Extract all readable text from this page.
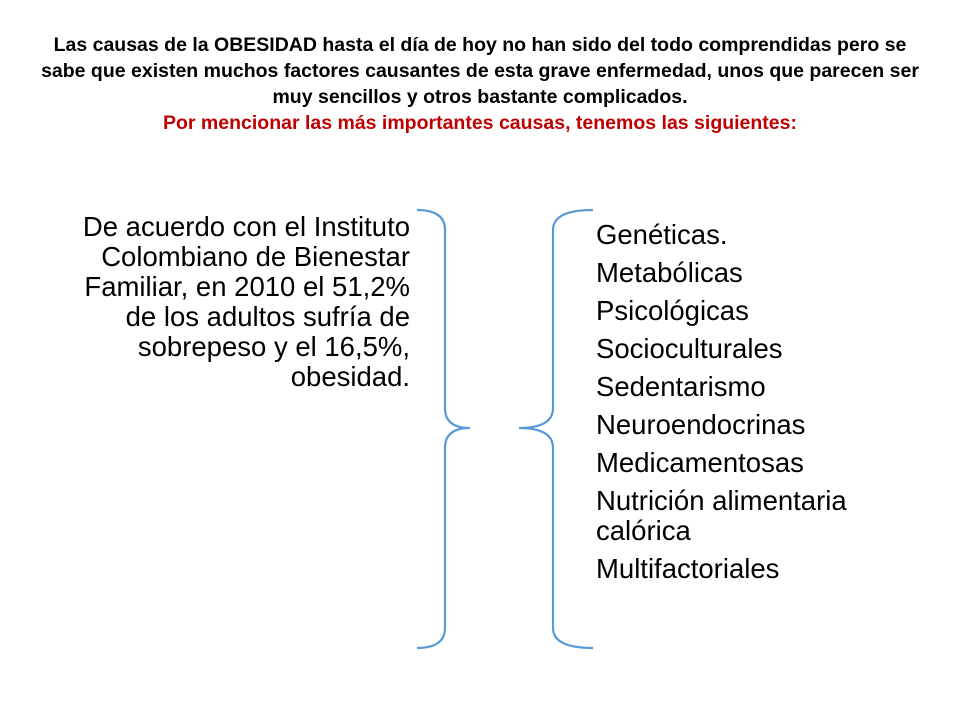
Las causas de la OBESIDAD hasta el día de hoy no han sido del todo comprendidas pero se sabe que existen muchos factores causantes de esta grave enfermedad, unos que parecen ser muy sencillos y otros bastante complicados.

Por mencionar las más importantes causas, tenemos las siguientes:

De acuerdo con el Instituto Colombiano de Bienestar Familiar, en 2010 el 51,2% de los adultos sufría de sobrepeso y el 16,5%, obesidad.
Genéticas.
Metabólicas
Psicológicas
Socioculturales
Sedentarismo
Neuroendocrinas
Medicamentosas
Nutrición alimentaria calórica
Multifactoriales
